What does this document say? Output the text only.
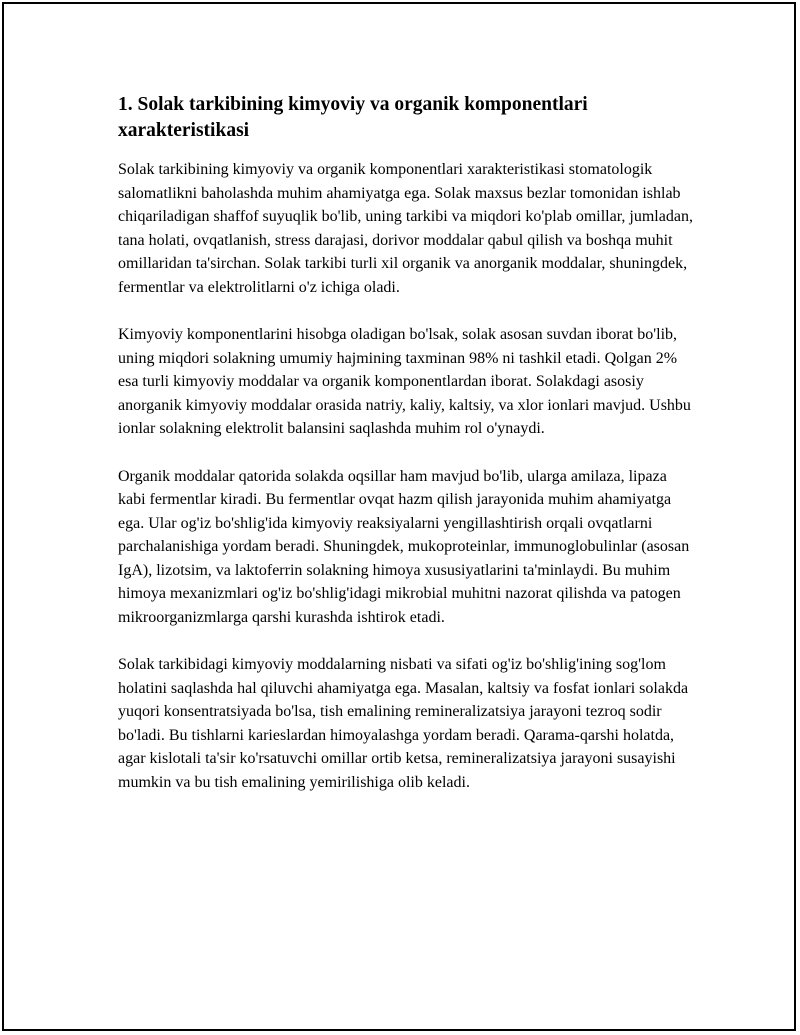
1. Solak tarkibining kimyoviy va organik komponentlari xarakteristikasi

Solak tarkibining kimyoviy va organik komponentlari xarakteristikasi stomatologik salomatlikni baholashda muhim ahamiyatga ega. Solak maxsus bezlar tomonidan ishlab chiqariladigan shaffof suyuqlik bo'lib, uning tarkibi va miqdori ko'plab omillar, jumladan, tana holati, ovqatlanish, stress darajasi, dorivor moddalar qabul qilish va boshqa muhit omillaridan ta'sirchan. Solak tarkibi turli xil organik va anorganik moddalar, shuningdek, fermentlar va elektrolitlarni o'z ichiga oladi.

Kimyoviy komponentlarini hisobga oladigan bo'lsak, solak asosan suvdan iborat bo'lib, uning miqdori solakning umumiy hajmining taxminan 98% ni tashkil etadi. Qolgan 2% esa turli kimyoviy moddalar va organik komponentlardan iborat. Solakdagi asosiy anorganik kimyoviy moddalar orasida natriy, kaliy, kaltsiy, va xlor ionlari mavjud. Ushbu ionlar solakning elektrolit balansini saqlashda muhim rol o'ynaydi.

Organik moddalar qatorida solakda oqsillar ham mavjud bo'lib, ularga amilaza, lipaza kabi fermentlar kiradi. Bu fermentlar ovqat hazm qilish jarayonida muhim ahamiyatga ega. Ular og'iz bo'shlig'ida kimyoviy reaksiyalarni yengillashtirish orqali ovqatlarni parchalanishiga yordam beradi. Shuningdek, mukoproteinlar, immunoglobulinlar (asosan IgA), lizotsim, va laktoferrin solakning himoya xususiyatlarini ta'minlaydi. Bu muhim himoya mexanizmlari og'iz bo'shlig'idagi mikrobial muhitni nazorat qilishda va patogen mikroorganizmlarga qarshi kurashda ishtirok etadi.

Solak tarkibidagi kimyoviy moddalarning nisbati va sifati og'iz bo'shlig'ining sog'lom holatini saqlashda hal qiluvchi ahamiyatga ega. Masalan, kaltsiy va fosfat ionlari solakda yuqori konsentratsiyada bo'lsa, tish emalining remineralizatsiya jarayoni tezroq sodir bo'ladi. Bu tishlarni karieslardan himoyalashga yordam beradi. Qarama-qarshi holatda, agar kislotali ta'sir ko'rsatuvchi omillar ortib ketsa, remineralizatsiya jarayoni susayishi mumkin va bu tish emalining yemirilishiga olib keladi.
